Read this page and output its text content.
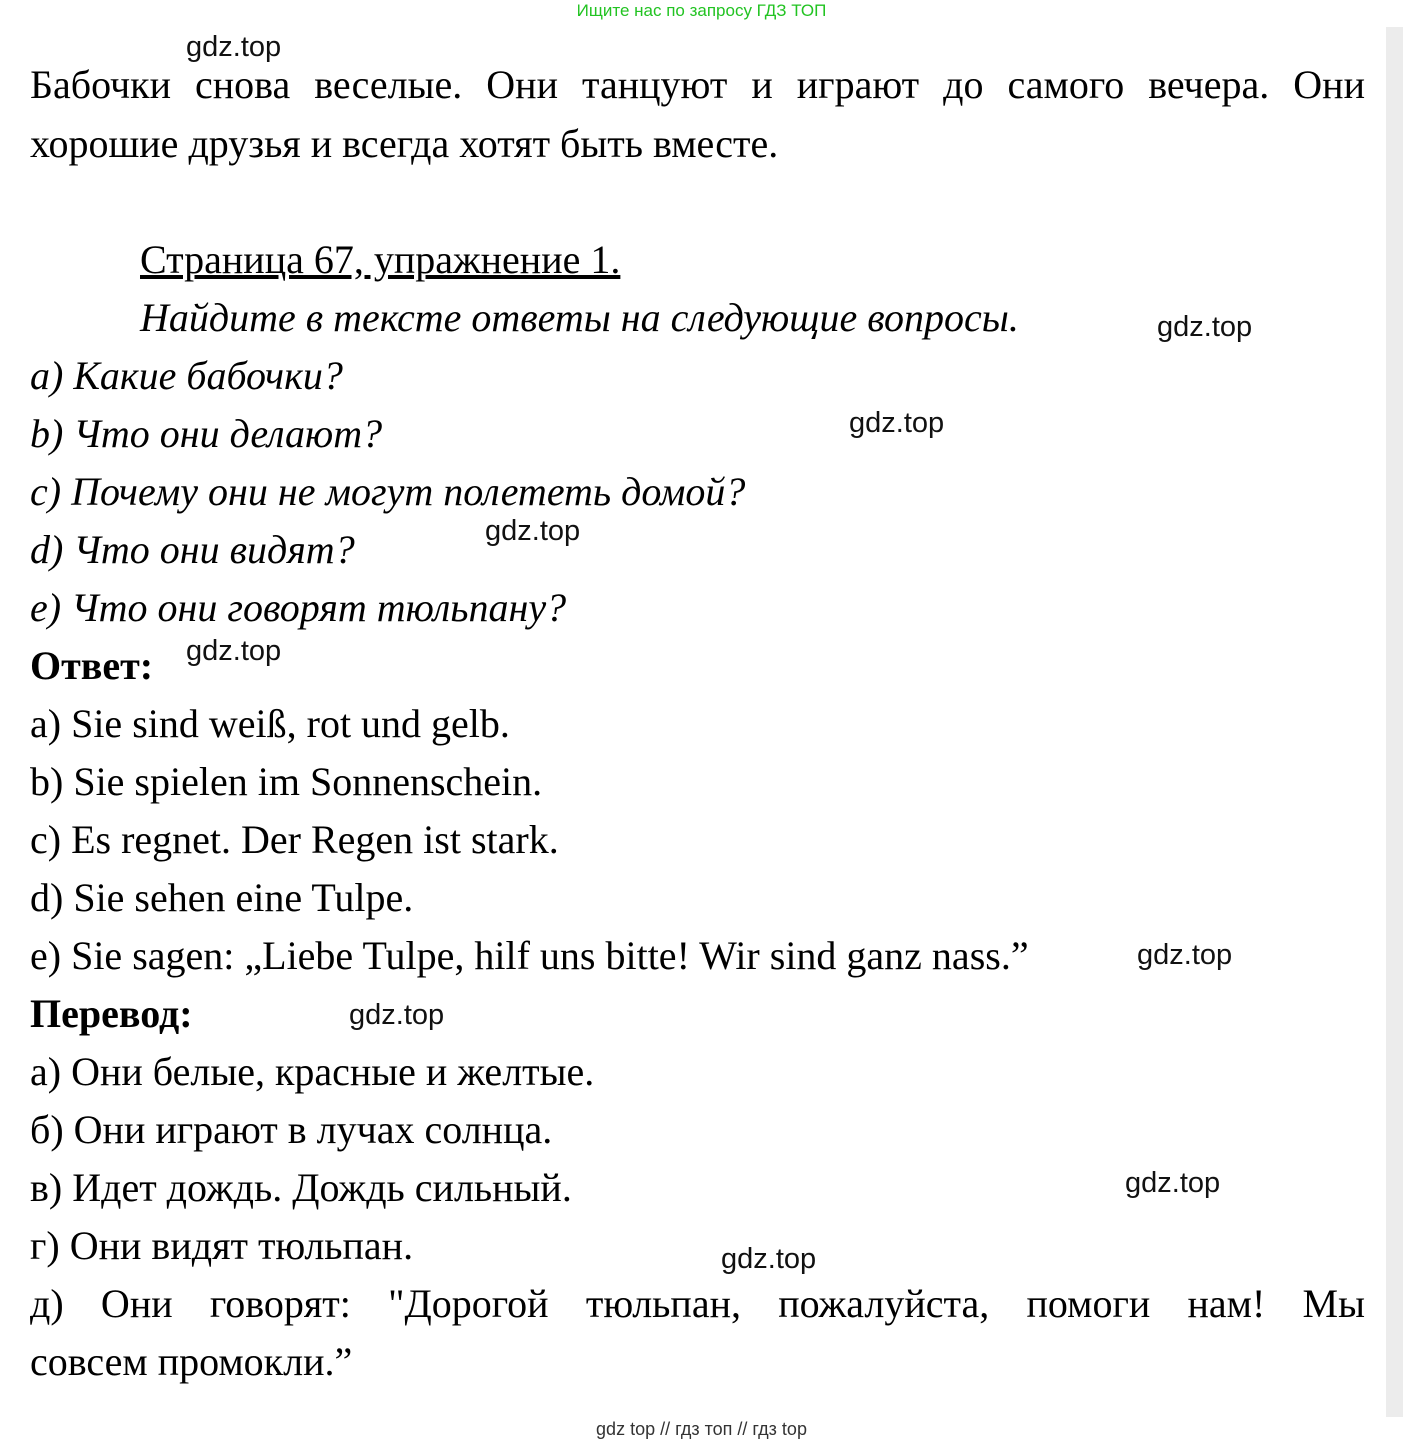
Ищите нас по запросу ГДЗ ТОП
Бабочки снова веселые. Они танцуют и играют до самого вечера. Они
хорошие друзья и всегда хотят быть вместе.
Страница 67, упражнение 1.
Найдите в тексте ответы на следующие вопросы.
a) Какие бабочки?
b) Что они делают?
c) Почему они не могут полететь домой?
d) Что они видят?
e) Что они говорят тюльпану?
Ответ:
a) Sie sind weiß, rot und gelb.
b) Sie spielen im Sonnenschein.
c) Es regnet. Der Regen ist stark.
d) Sie sehen eine Tulpe.
e) Sie sagen: „Liebe Tulpe, hilf uns bitte! Wir sind ganz nass.”
Перевод:
а) Они белые, красные и желтые.
б) Они играют в лучах солнца.
в) Идет дождь. Дождь сильный.
г) Они видят тюльпан.
д) Они говорят: "Дорогой тюльпан, пожалуйста, помоги нам! Мы
совсем промокли.”
gdz.top
gdz.top
gdz.top
gdz.top
gdz.top
gdz.top
gdz.top
gdz.top
gdz.top
gdz top // гдз топ // гдз top
